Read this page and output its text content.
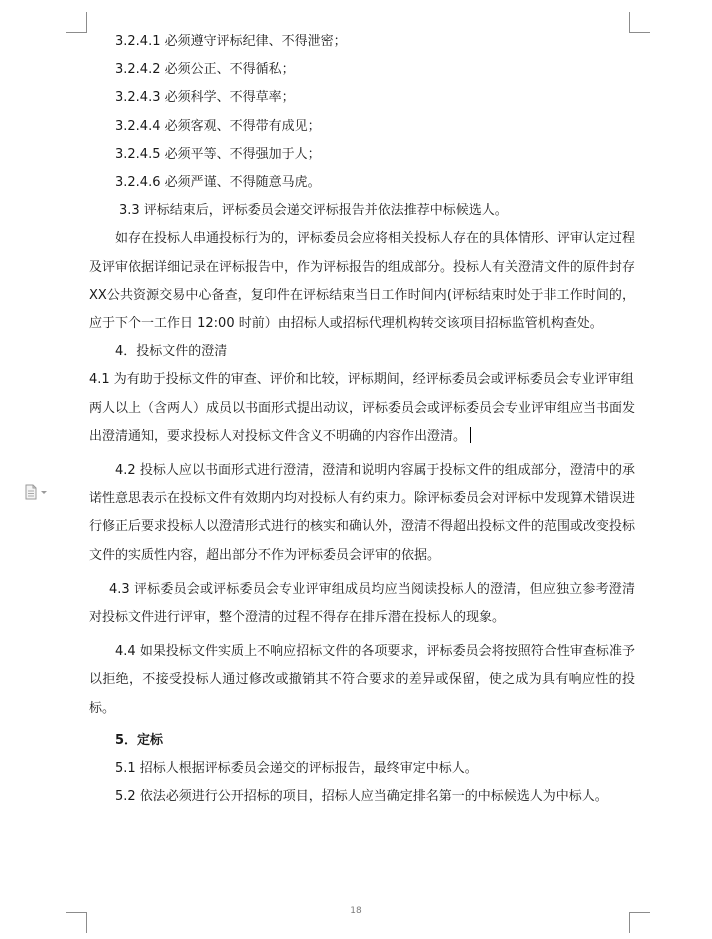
3.2.4.1 必须遵守评标纪律、不得泄密；

3.2.4.2 必须公正、不得循私；

3.2.4.3 必须科学、不得草率；

3.2.4.4 必须客观、不得带有成见；

3.2.4.5 必须平等、不得强加于人；

3.2.4.6 必须严谨、不得随意马虎。

3.3 评标结束后，评标委员会递交评标报告并依法推荐中标候选人。

如存在投标人串通投标行为的，评标委员会应将相关投标人存在的具体情形、评审认定过程及评审依据详细记录在评标报告中，作为评标报告的组成部分。投标人有关澄清文件的原件封存XX公共资源交易中心备查，复印件在评标结束当日工作时间内(评标结束时处于非工作时间的，应于下个一工作日 12:00 时前）由招标人或招标代理机构转交该项目招标监管机构查处。

4．投标文件的澄清

4.1 为有助于投标文件的审查、评价和比较，评标期间，经评标委员会或评标委员会专业评审组两人以上（含两人）成员以书面形式提出动议，评标委员会或评标委员会专业评审组应当书面发出澄清通知，要求投标人对投标文件含义不明确的内容作出澄清。

4.2 投标人应以书面形式进行澄清，澄清和说明内容属于投标文件的组成部分，澄清中的承诺性意思表示在投标文件有效期内均对投标人有约束力。除评标委员会对评标中发现算术错误进行修正后要求投标人以澄清形式进行的核实和确认外，澄清不得超出投标文件的范围或改变投标文件的实质性内容，超出部分不作为评标委员会评审的依据。

4.3 评标委员会或评标委员会专业评审组成员均应当阅读投标人的澄清，但应独立参考澄清对投标文件进行评审，整个澄清的过程不得存在排斥潜在投标人的现象。

4.4 如果投标文件实质上不响应招标文件的各项要求，评标委员会将按照符合性审查标准予以拒绝，不接受投标人通过修改或撤销其不符合要求的差异或保留，使之成为具有响应性的投标。

5．定标

5.1 招标人根据评标委员会递交的评标报告，最终审定中标人。

5.2 依法必须进行公开招标的项目，招标人应当确定排名第一的中标候选人为中标人。

18
